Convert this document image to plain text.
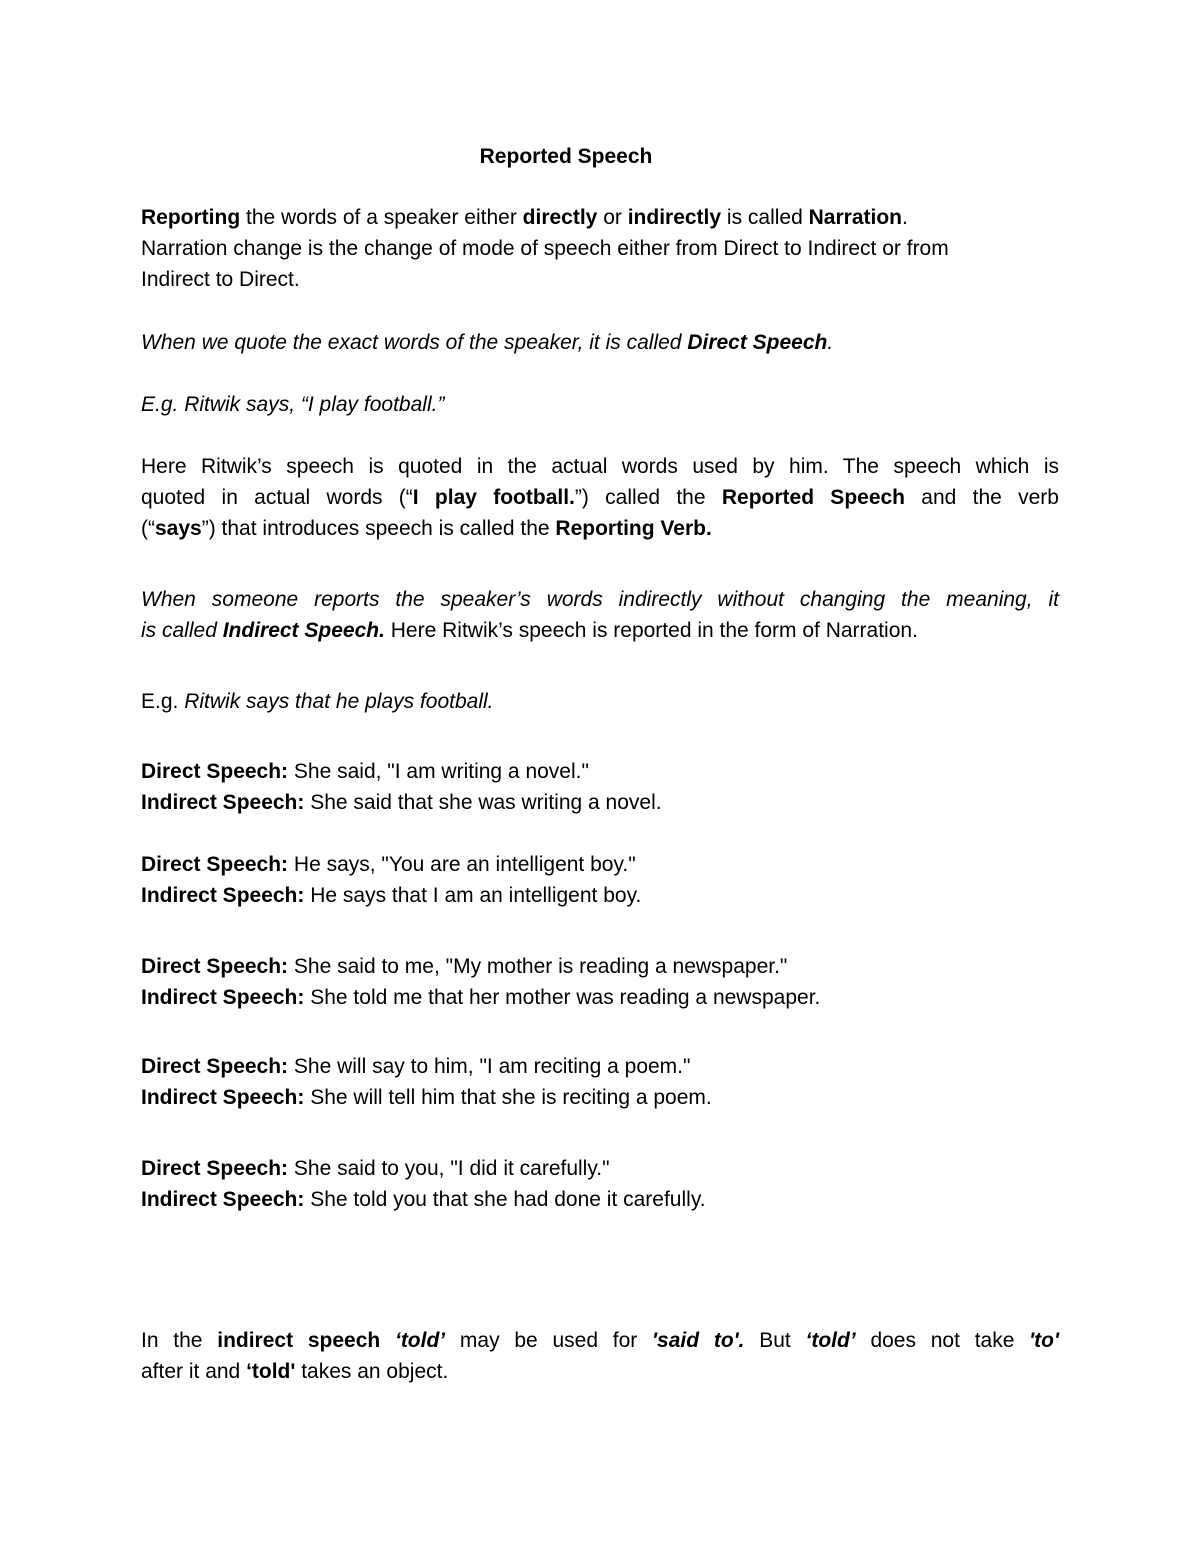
Reported Speech
Reporting the words of a speaker either directly or indirectly is called Narration.
Narration change is the change of mode of speech either from Direct to Indirect or from
Indirect to Direct.
When we quote the exact words of the speaker, it is called Direct Speech.
E.g. Ritwik says, “I play football.”
Here Ritwik’s speech is quoted in the actual words used by him. The speech which is
quoted in actual words (“I play football.”) called the Reported Speech and the verb
(“says”) that introduces speech is called the Reporting Verb.
When someone reports the speaker’s words indirectly without changing the meaning, it
is called Indirect Speech. Here Ritwik’s speech is reported in the form of Narration.
E.g. Ritwik says that he plays football.
Direct Speech: She said, "I am writing a novel."
Indirect Speech: She said that she was writing a novel.
Direct Speech: He says, "You are an intelligent boy."
Indirect Speech: He says that I am an intelligent boy.
Direct Speech: She said to me, "My mother is reading a newspaper."
Indirect Speech: She told me that her mother was reading a newspaper.
Direct Speech: She will say to him, "I am reciting a poem."
Indirect Speech: She will tell him that she is reciting a poem.
Direct Speech: She said to you, "I did it carefully."
Indirect Speech: She told you that she had done it carefully.
In the indirect speech ‘told’ may be used for 'said to'. But ‘told’ does not take 'to'
after it and ‘told' takes an object.
